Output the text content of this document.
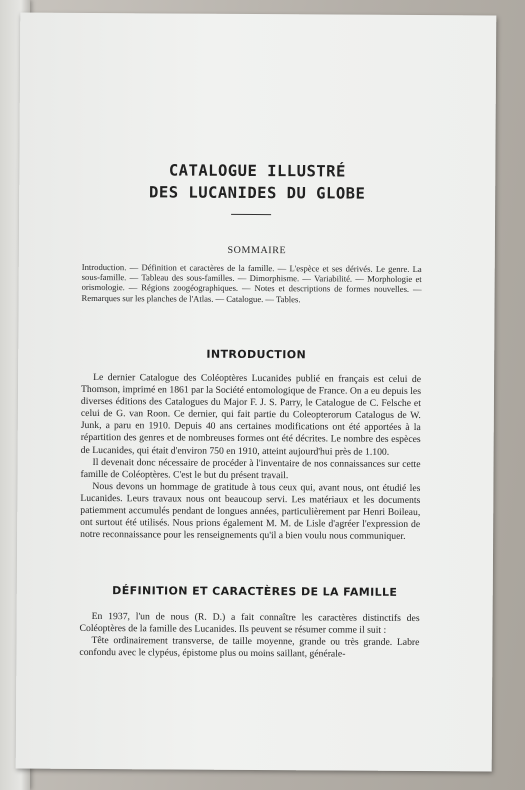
CATALOGUE ILLUSTRÉ
DES LUCANIDES DU GLOBE
SOMMAIRE
Introduction. — Définition et caractères de la famille. — L'espèce et ses dérivés. Le genre. La sous-famille. — Tableau des sous-familles. — Dimorphisme. — Variabilité. — Morphologie et orismologie. — Régions zoogéographiques. — Notes et descriptions de formes nouvelles. — Remarques sur les planches de l'Atlas. — Catalogue. — Tables.
INTRODUCTION

Le dernier Catalogue des Coléoptères Lucanides publié en français est celui de Thomson, imprimé en 1861 par la Société entomologique de France. On a eu depuis les diverses éditions des Catalogues du Major F. J. S. Parry, le Catalogue de C. Felsche et celui de G. van Roon. Ce dernier, qui fait partie du Coleopterorum Catalogus de W. Junk, a paru en 1910. Depuis 40 ans certaines modifications ont été apportées à la répartition des genres et de nombreuses formes ont été décrites. Le nombre des espèces de Lucanides, qui était d'environ 750 en 1910, atteint aujourd'hui près de 1.100.

Il devenait donc nécessaire de procéder à l'inventaire de nos connaissances sur cette famille de Coléoptères. C'est le but du présent travail.

Nous devons un hommage de gratitude à tous ceux qui, avant nous, ont étudié les Lucanides. Leurs travaux nous ont beaucoup servi. Les matériaux et les documents patiemment accumulés pendant de longues années, particulièrement par Henri Boileau, ont surtout été utilisés. Nous prions également M. M. de Lisle d'agréer l'expression de notre reconnaissance pour les renseignements qu'il a bien voulu nous communiquer.

DÉFINITION ET CARACTÈRES DE LA FAMILLE

En 1937, l'un de nous (R. D.) a fait connaître les caractères distinctifs des Coléoptères de la famille des Lucanides. Ils peuvent se résumer comme il suit :

Tête ordinairement transverse, de taille moyenne, grande ou très grande. Labre confondu avec le clypéus, épistome plus ou moins saillant, générale-
